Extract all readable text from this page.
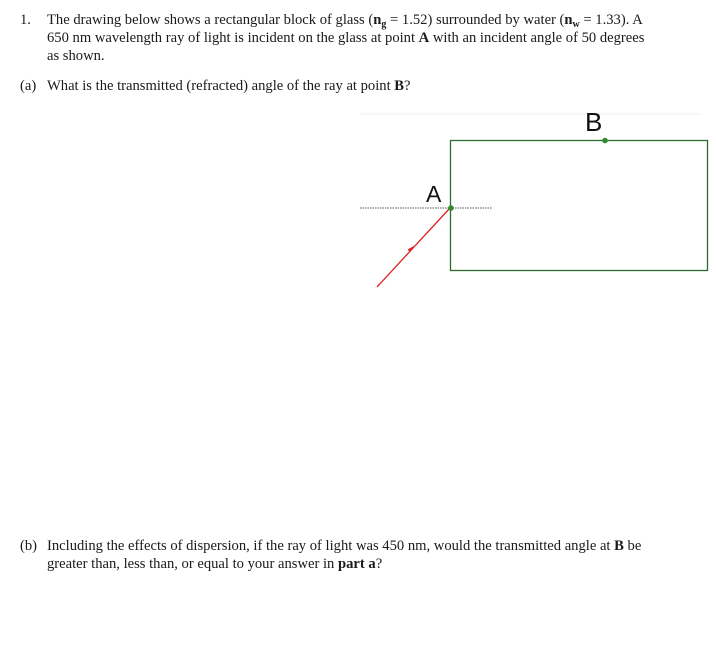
1. The drawing below shows a rectangular block of glass $(n_g = 1.52)$ surrounded by water $(n_w = 1.33)$. A 650 nm wavelength ray of light is incident on the glass at point A with an incident angle of 50 degrees as shown.
(a) What is the transmitted (refracted) angle of the ray at point B?
A
B
(b) Including the effects of dispersion, if the ray of light was 450 nm, would the transmitted angle at B be greater than, less than, or equal to your answer in part a?
